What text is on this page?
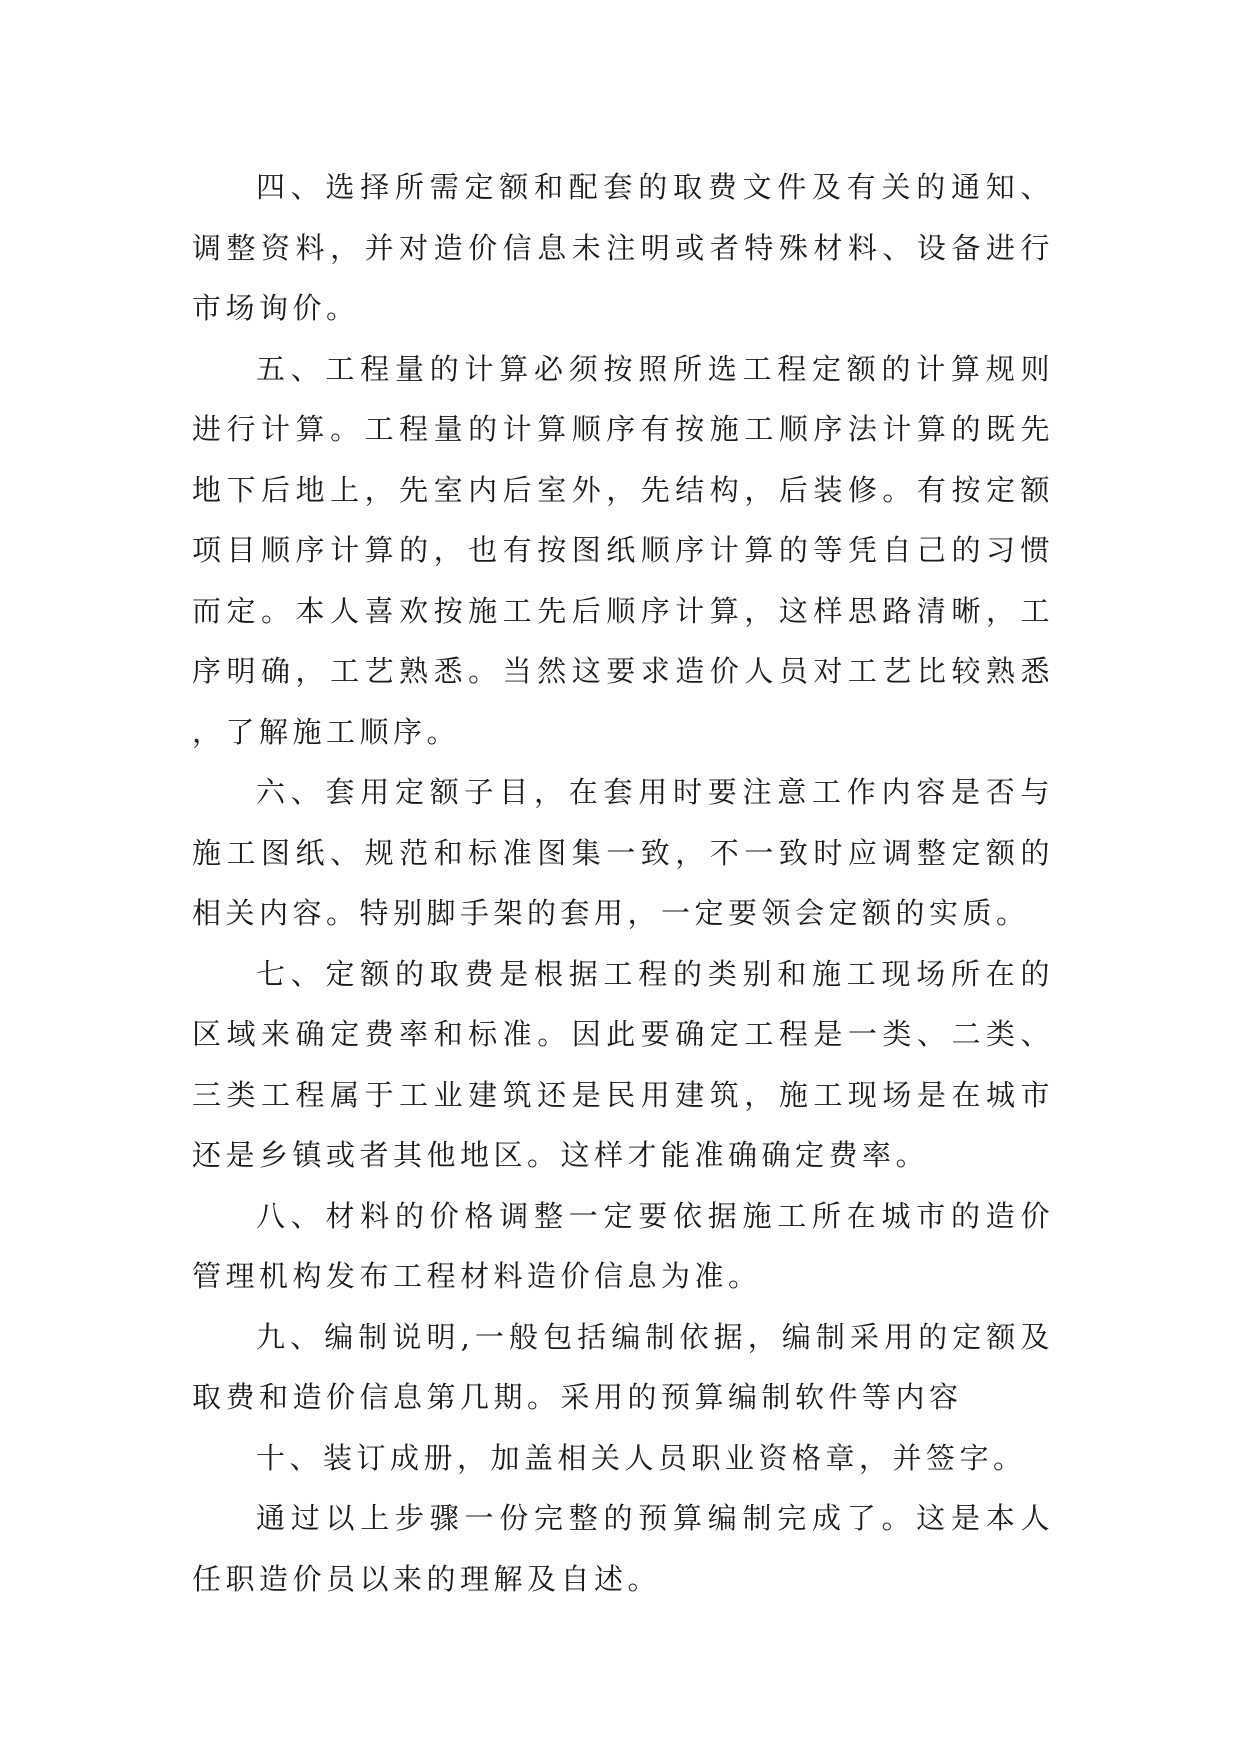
四、选择所需定额和配套的取费文件及有关的通知、调整资料，并对造价信息未注明或者特殊材料、设备进行市场询价。

五、工程量的计算必须按照所选工程定额的计算规则进行计算。工程量的计算顺序有按施工顺序法计算的既先地下后地上，先室内后室外，先结构，后装修。有按定额项目顺序计算的，也有按图纸顺序计算的等凭自己的习惯而定。本人喜欢按施工先后顺序计算，这样思路清晰，工序明确，工艺熟悉。当然这要求造价人员对工艺比较熟悉，了解施工顺序。

六、套用定额子目，在套用时要注意工作内容是否与施工图纸、规范和标准图集一致，不一致时应调整定额的相关内容。特别脚手架的套用，一定要领会定额的实质。

七、定额的取费是根据工程的类别和施工现场所在的区域来确定费率和标准。因此要确定工程是一类、二类、三类工程属于工业建筑还是民用建筑，施工现场是在城市还是乡镇或者其他地区。这样才能准确确定费率。

八、材料的价格调整一定要依据施工所在城市的造价管理机构发布工程材料造价信息为准。

九、编制说明,一般包括编制依据，编制采用的定额及取费和造价信息第几期。采用的预算编制软件等内容

十、装订成册，加盖相关人员职业资格章，并签字。

通过以上步骤一份完整的预算编制完成了。这是本人任职造价员以来的理解及自述。
